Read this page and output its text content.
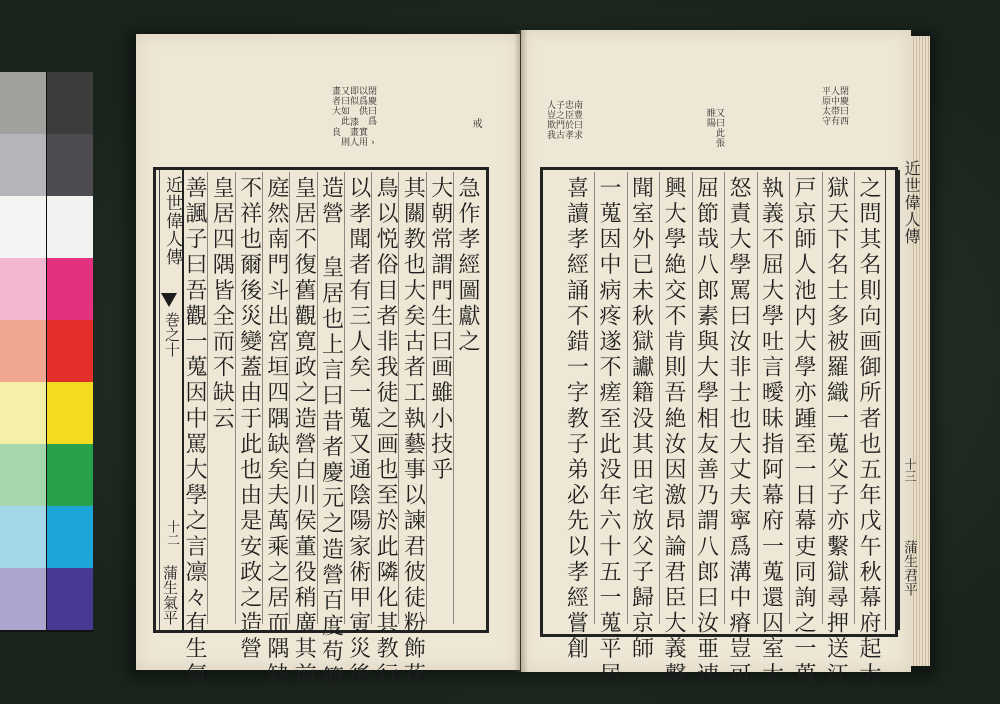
近世偉人傳
巻之十
十二
蒲生氣平
戒
閉慶曰爲 ゝ以爲供 實用即似 漆畫人 又曰如此 則畫者大 良
急作孝經圖獻之
大朝常謂門生曰画雖小技乎
其關教也大矣古者工執藝事以諫君彼徒粉飾花
鳥以悦俗目者非我徒之画也至於此隣化其教行
以孝聞者有三人矣一蒐又通陰陽家術甲寅災後
造營 皇居也上言曰昔者慶元之造營百度苟簡
皇居不復舊觀寛政之造營白川侯董役稍廣其前
庭然南門斗出宮垣四隅缺矣夫萬乘之居而隅缺
不祥也爾後災變蓋由于此也由是安政之造營
皇居四隅皆全而不缺云
善諷子曰吾觀一蒐因中罵大學之言凛々有生氣
閉慶曰西 人中帯有 平原太守
又曰此張 睢陽
南豊曰求 忠臣於孝 子之門古 人豈欺我
近世偉人傳
十三
蒲生君平
之問其名則向画御所者也五年戊午秋幕府起大
獄天下名士多被羅織一蒐父子亦繫獄尋押送江
戸京師人池内大學亦踵至一日幕吏同詢之一蒐
執義不屈大學吐言曖昧指阿幕府一蒐還囚室大
怒責大學罵曰汝非士也大丈夫寧爲溝中瘠豈可
屈節哉八郎素與大學相友善乃謂八郎曰汝亜速
興大學絶交不肯則吾絶汝因激昂論君臣大義聲
聞室外已未秋獄讞籍没其田宅放父子歸京師
一蒐因中病疼遂不瘥至此没年六十五一蒐平居
喜讀孝經誦不錯一字教子弟必先以孝經嘗創
